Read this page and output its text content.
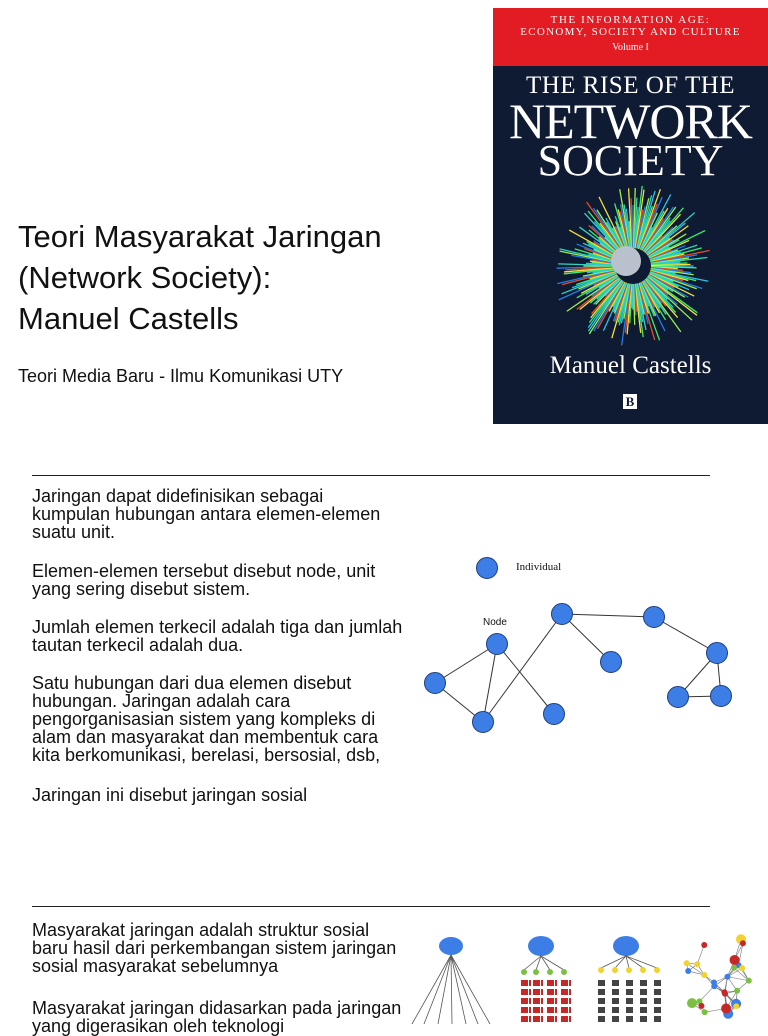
Teori Masyarakat Jaringan
(Network Society):
Manuel Castells
Teori Media Baru - Ilmu Komunikasi UTY
THE INFORMATION AGE:
ECONOMY, SOCIETY AND CULTURE
Volume I
THE RISE OF THE
NETWORK
SOCIETY
Manuel Castells
B
Jaringan dapat didefinisikan sebagai kumpulan hubungan antara elemen-elemen suatu unit.
Elemen-elemen tersebut disebut node, unit yang sering disebut sistem.
Jumlah elemen terkecil adalah tiga dan jumlah tautan terkecil adalah dua.
Satu hubungan dari dua elemen disebut hubungan. Jaringan adalah cara pengorganisasian sistem yang kompleks di alam dan masyarakat dan membentuk cara kita berkomunikasi, berelasi, bersosial, dsb,
Jaringan ini disebut jaringan sosial
Individual
Node
Masyarakat jaringan adalah struktur sosial baru hasil dari perkembangan sistem jaringan sosial masyarakat sebelumnya
Masyarakat jaringan didasarkan pada jaringan yang digerasikan oleh teknologi
